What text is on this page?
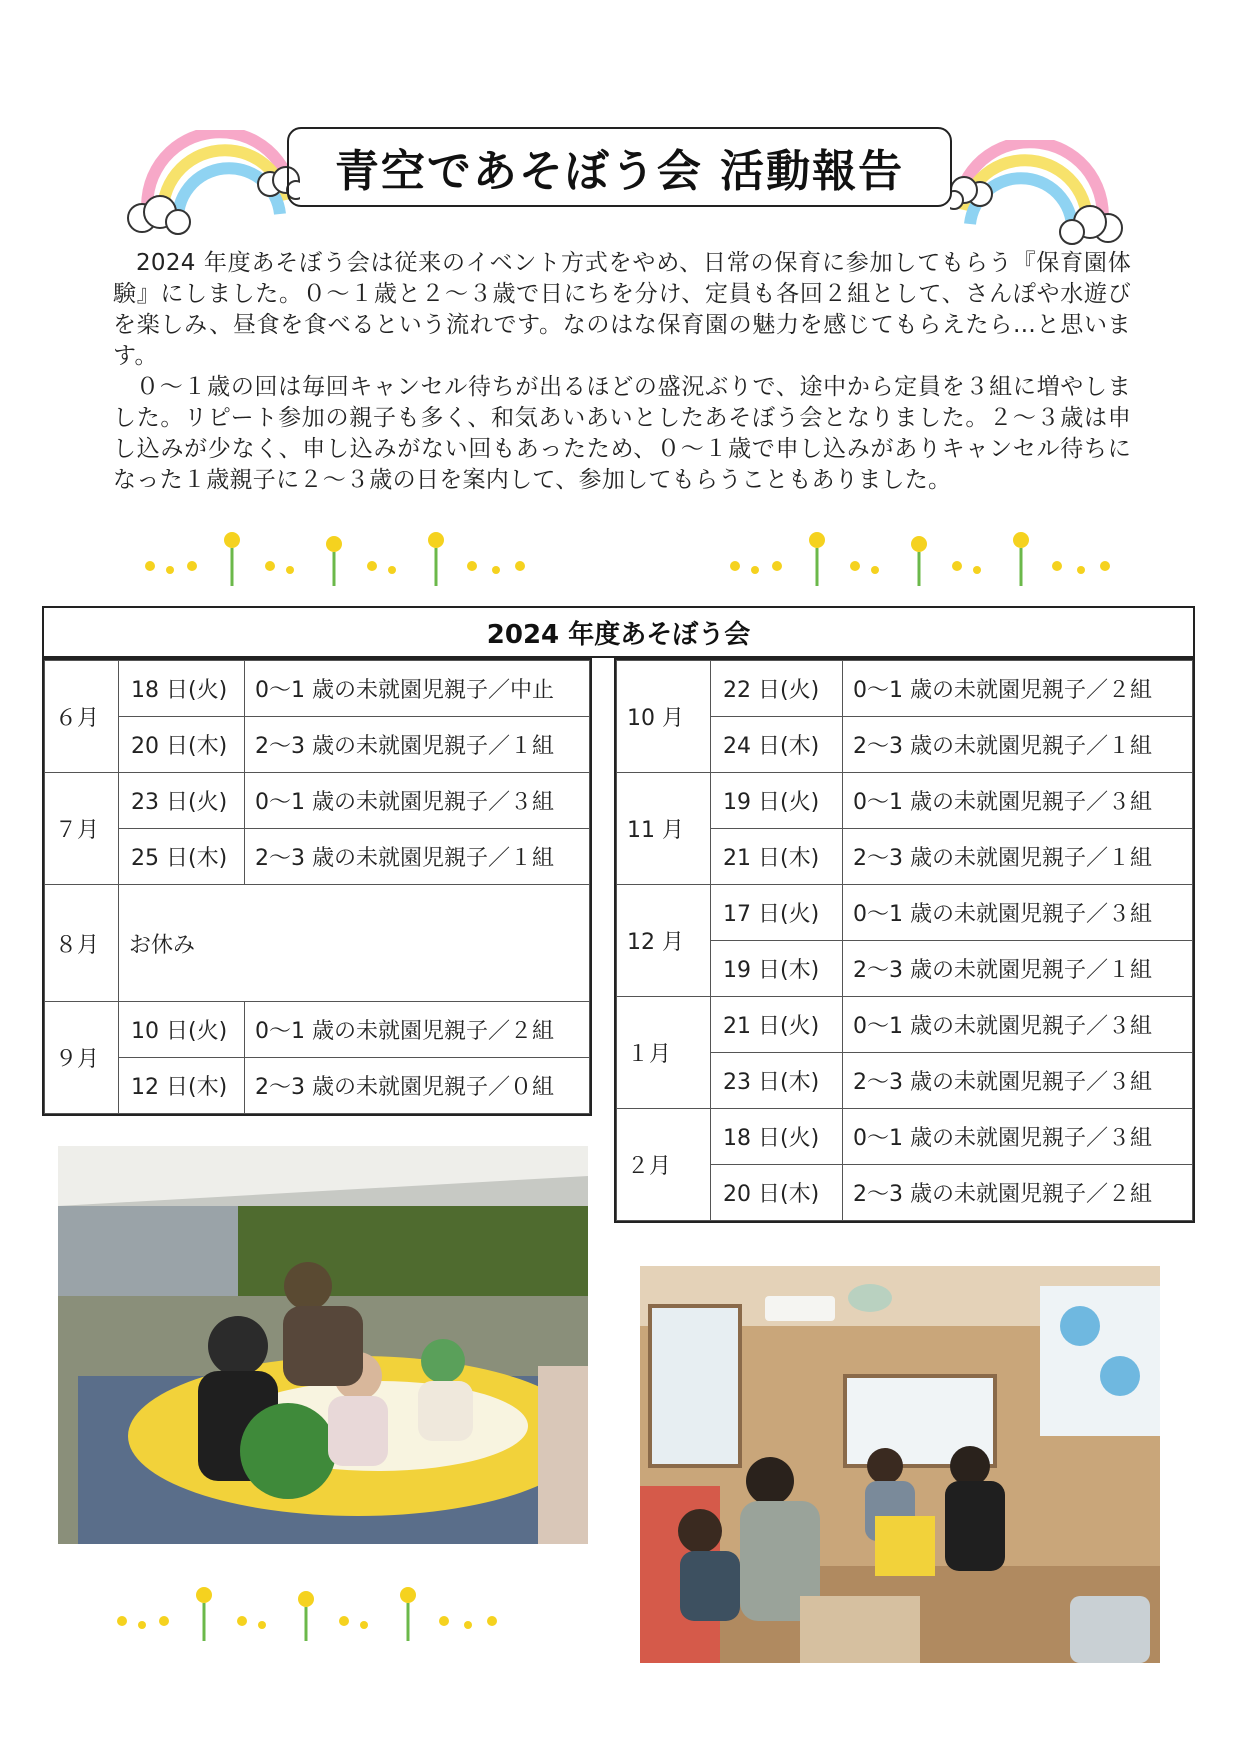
青空であそぼう会 活動報告

2024 年度あそぼう会は従来のイベント方式をやめ、日常の保育に参加してもらう『保育園体験』にしました。０～１歳と２～３歳で日にちを分け、定員も各回２組として、さんぽや水遊びを楽しみ、昼食を食べるという流れです。なのはな保育園の魅力を感じてもらえたら…と思います。

０～１歳の回は毎回キャンセル待ちが出るほどの盛況ぶりで、途中から定員を３組に増やしました。リピート参加の親子も多く、和気あいあいとしたあそぼう会となりました。２～３歳は申し込みが少なく、申し込みがない回もあったため、０～１歳で申し込みがありキャンセル待ちになった１歳親子に２～３歳の日を案内して、参加してもらうこともありました。

2024 年度あそぼう会
６月	18 日(火)	0～1 歳の未就園児親子／中止
	20 日(木)	2～3 歳の未就園児親子／１組
７月	23 日(火)	0～1 歳の未就園児親子／３組
	25 日(木)	2～3 歳の未就園児親子／１組
８月	お休み	
９月	10 日(火)	0～1 歳の未就園児親子／２組
	12 日(木)	2～3 歳の未就園児親子／０組
10 月	22 日(火)	0～1 歳の未就園児親子／２組
	24 日(木)	2～3 歳の未就園児親子／１組
11 月	19 日(火)	0～1 歳の未就園児親子／３組
	21 日(木)	2～3 歳の未就園児親子／１組
12 月	17 日(火)	0～1 歳の未就園児親子／３組
	19 日(木)	2～3 歳の未就園児親子／１組
１月	21 日(火)	0～1 歳の未就園児親子／３組
	23 日(木)	2～3 歳の未就園児親子／３組
２月	18 日(火)	0～1 歳の未就園児親子／３組
	20 日(木)	2～3 歳の未就園児親子／２組
